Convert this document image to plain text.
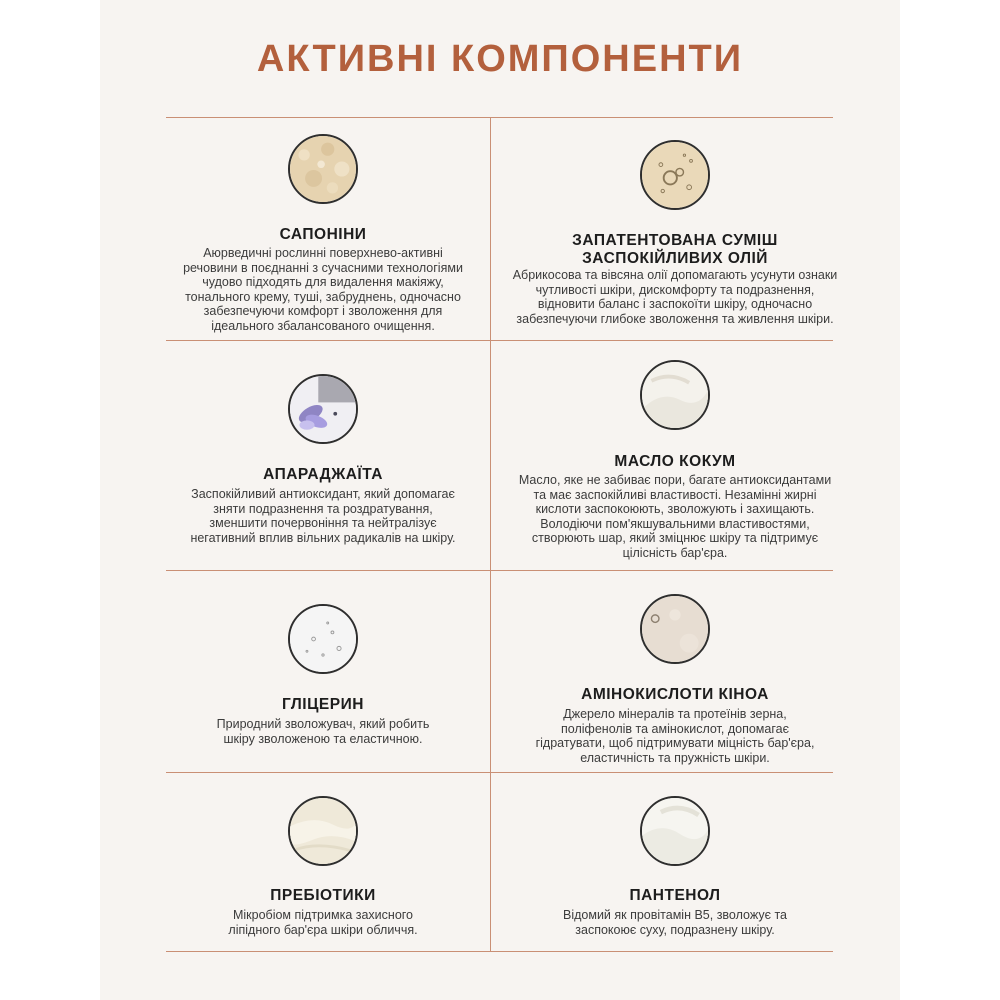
АКТИВНІ КОМПОНЕНТИ
САПОНІНИ
Аюрведичні рослинні поверхнево-активні речовини в поєднанні з сучасними технологіями чудово підходять для видалення макіяжу, тонального крему, туші, забруднень, одночасно забезпечуючи комфорт і зволоження для ідеального збалансованого очищення.
ЗАПАТЕНТОВАНА СУМІШ ЗАСПОКІЙЛИВИХ ОЛІЙ
Абрикосова та вівсяна олії допомагають усунути ознаки чутливості шкіри, дискомфорту та подразнення, відновити баланс і заспокоїти шкіру, одночасно забезпечуючи глибоке зволоження та живлення шкіри.
АПАРАДЖАЇТА
Заспокійливий антиоксидант, який допомагає зняти подразнення та роздратування, зменшити почервоніння та нейтралізує негативний вплив вільних радикалів на шкіру.
МАСЛО КОКУМ
Масло, яке не забиває пори, багате антиоксидантами та має заспокійливі властивості. Незамінні жирні кислоти заспокоюють, зволожують і захищають. Володіючи пом'якшувальними властивостями, створюють шар, який зміцнює шкіру та підтримує цілісність бар'єра.
ГЛІЦЕРИН
Природний зволожувач, який робить шкіру зволоженою та еластичною.
АМІНОКИСЛОТИ КІНОА
Джерело мінералів та протеїнів зерна, поліфенолів та амінокислот, допомагає гідратувати, щоб підтримувати міцність бар'єра, еластичність та пружність шкіри.
ПРЕБІОТИКИ
Мікробіом підтримка захисного ліпідного бар'єра шкіри обличчя.
ПАНТЕНОЛ
Відомий як провітамін B5, зволожує та заспокоює суху, подразнену шкіру.
